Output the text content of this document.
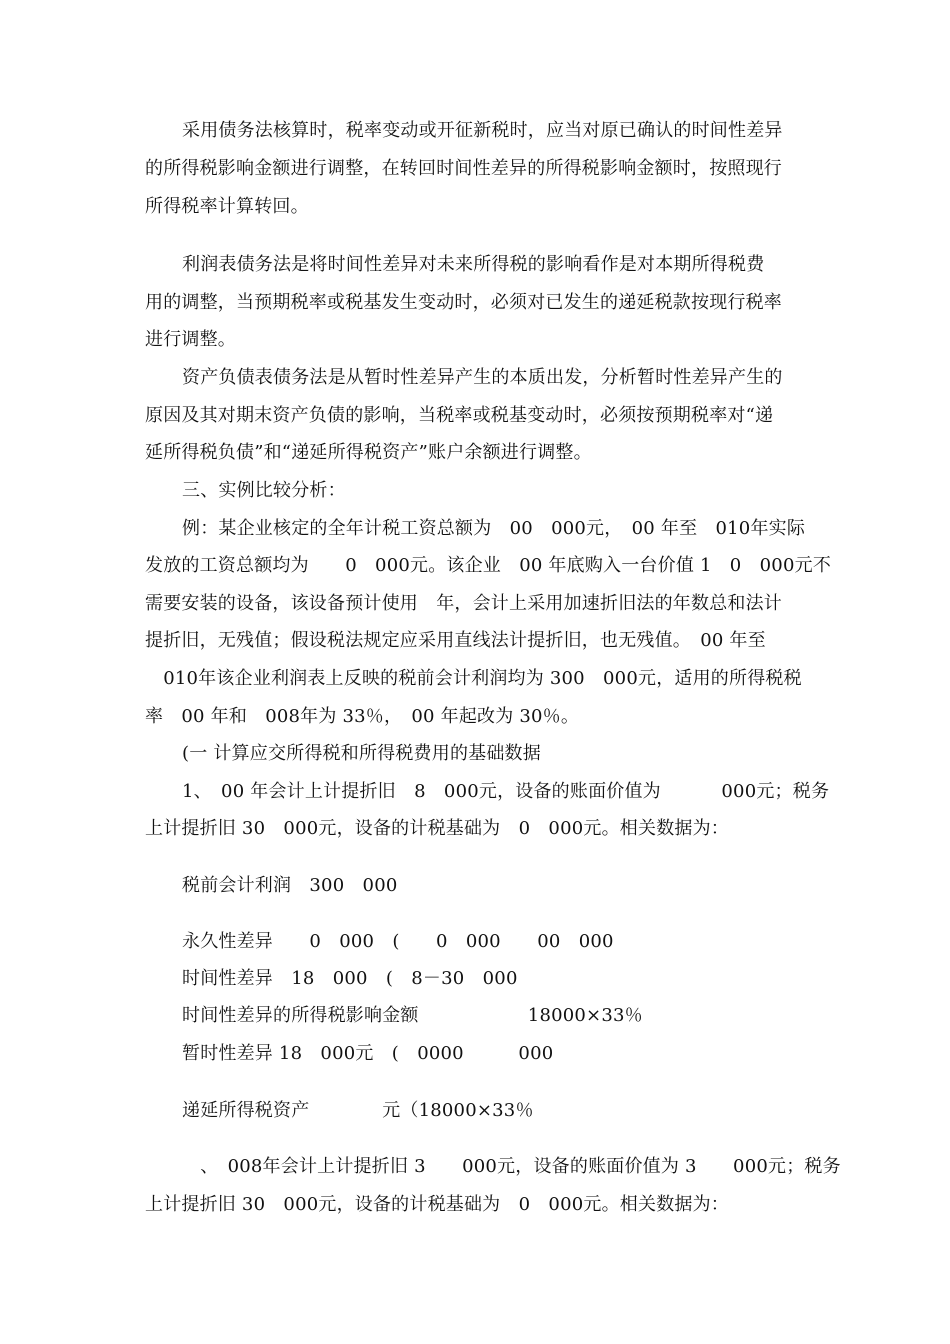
采用债务法核算时，税率变动或开征新税时，应当对原已确认的时间性差异
的所得税影响金额进行调整，在转回时间性差异的所得税影响金额时，按照现行
所得税率计算转回。
利润表债务法是将时间性差异对未来所得税的影响看作是对本期所得税费
用的调整，当预期税率或税基发生变动时，必须对已发生的递延税款按现行税率
进行调整。
资产负债表债务法是从暂时性差异产生的本质出发，分析暂时性差异产生的
原因及其对期末资产负债的影响，当税率或税基变动时，必须按预期税率对“递
延所得税负债”和“递延所得税资产”账户余额进行调整。
三、实例比较分析：
例：某企业核定的全年计税工资总额为　00　000元，　00 年至　010年实际
发放的工资总额均为　　0　000元。该企业　00 年底购入一台价值 1　0　000元不
需要安装的设备，该设备预计使用　年，会计上采用加速折旧法的年数总和法计
提折旧，无残值；假设税法规定应采用直线法计提折旧，也无残值。　00 年至
　010年该企业利润表上反映的税前会计利润均为 300　000元，适用的所得税税
率　00 年和　008年为 33％，　00 年起改为 30％。
(一 计算应交所得税和所得税费用的基础数据
1、　00 年会计上计提折旧　8　000元，设备的账面价值为　　　 000元；税务
上计提折旧 30　000元，设备的计税基础为　0　000元。相关数据为：
税前会计利润　300　000
永久性差异　　0　000　(　　0　000　　00　000
时间性差异　18　000　(　8－30　000
时间性差异的所得税影响金额　　　　　　18000×33％
暂时性差异 18　000元　(　0000　　　000
递延所得税资产　　　　元（18000×33％
　、　008年会计上计提折旧 3　　000元，设备的账面价值为 3　　000元；税务
上计提折旧 30　000元，设备的计税基础为　0　000元。相关数据为：
